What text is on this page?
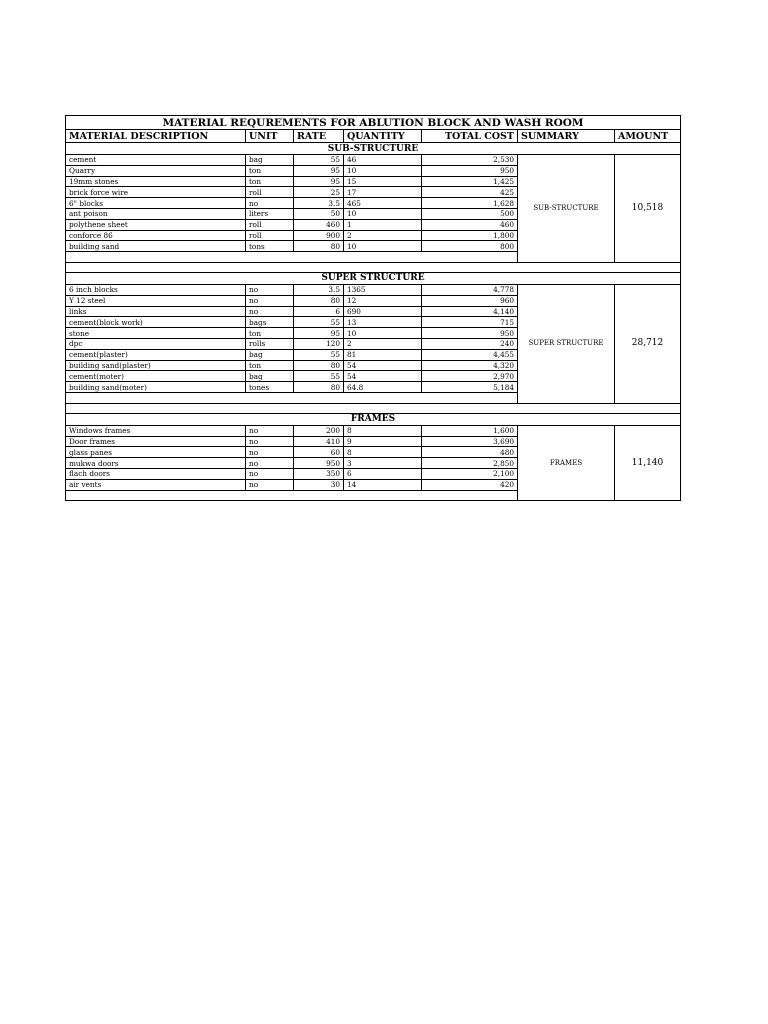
MATERIAL REQUREMENTS FOR ABLUTION BLOCK AND WASH ROOM						
MATERIAL DESCRIPTION	UNIT	RATE	QUANTITY	TOTAL COST	SUMMARY	AMOUNT
SUB-STRUCTURE						
cement	bag	55	46	2,530	SUB-STRUCTURE	10,518
Quarry	ton	95	10	950		
19mm stones	ton	95	15	1,425		
brick force wire	roll	25	17	425		
6" blocks	no	3.5	465	1,628		
ant poison	liters	50	10	500		
polythene sheet	roll	460	1	460		
conforce 86	roll	900	2	1,800		
building sand	tons	80	10	800		

SUPER STRUCTURE						
6 inch blocks	no	3.5	1365	4,778	SUPER STRUCTURE	28,712
Y 12 steel	no	80	12	960		
links	no	6	690	4,140		
cement(block work)	bags	55	13	715		
stone	ton	95	10	950		
dpc	rolls	120	2	240		
cement(plaster)	bag	55	81	4,455		
building sand(plaster)	ton	80	54	4,320		
cement(moter)	bag	55	54	2,970		
building sand(moter)	tones	80	64.8	5,184		

FRAMES						
Windows frames	no	200	8	1,600	FRAMES	11,140
Door frames	no	410	9	3,690		
glass panes	no	60	8	480		
mukwa doors	no	950	3	2,850		
flach doors	no	350	6	2,100		
air vents	no	30	14	420		
